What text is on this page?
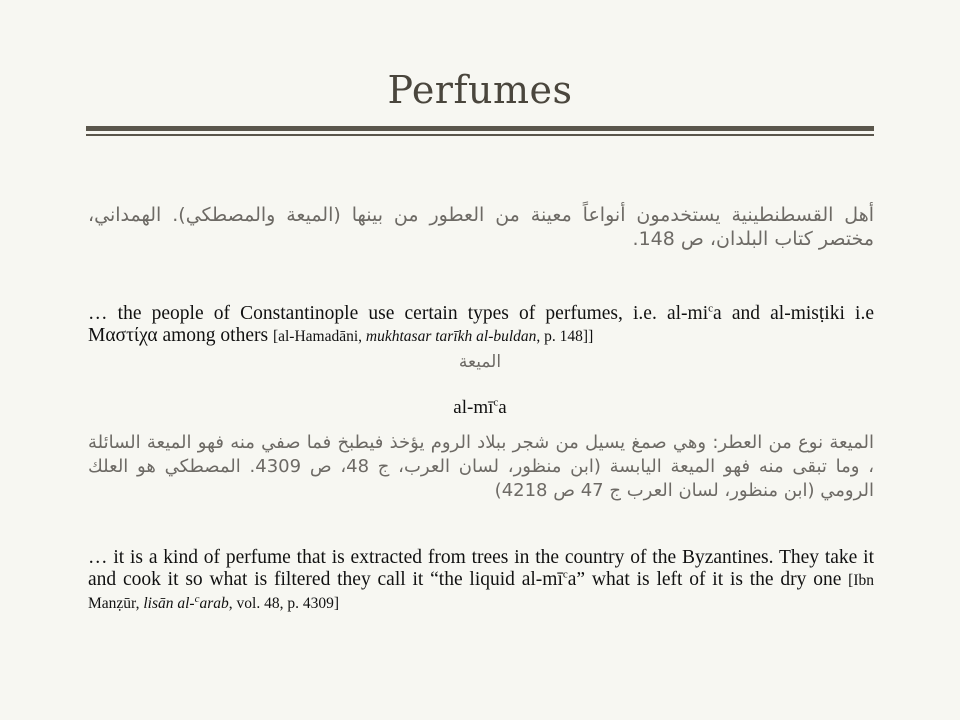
Perfumes
أهل القسطنطينية يستخدمون أنواعاً معينة من العطور من بينها (الميعة والمصطكي). الهمداني، مختصر كتاب البلدان، ص 148.
… the people of Constantinople use certain types of perfumes, i.e. $al-mi^ca$ and al-misṭiki i.e Μαστίχα among others [al-Hamadāni, mukhtasar tarīkh al-buldan, p. 148]]
الميعة
$al-mī^ca$
الميعة نوع من العطر: وهي صمغ يسيل من شجر ببلاد الروم يؤخذ فيطبخ فما صفي منه فهو الميعة السائلة ، وما تبقى منه فهو الميعة اليابسة (ابن منظور، لسان العرب، ج 48، ص 4309. المصطكي هو العلك الرومي (ابن منظور، لسان العرب ج 47 ص 4218)
… it is a kind of perfume that is extracted from trees in the country of the Byzantines. They take it and cook it so what is filtered they call it “the liquid $al-mī^ca$” what is left of it is the dry one [Ibn Manẓūr, lisān al-$^c$arab, vol. 48, p. 4309]
